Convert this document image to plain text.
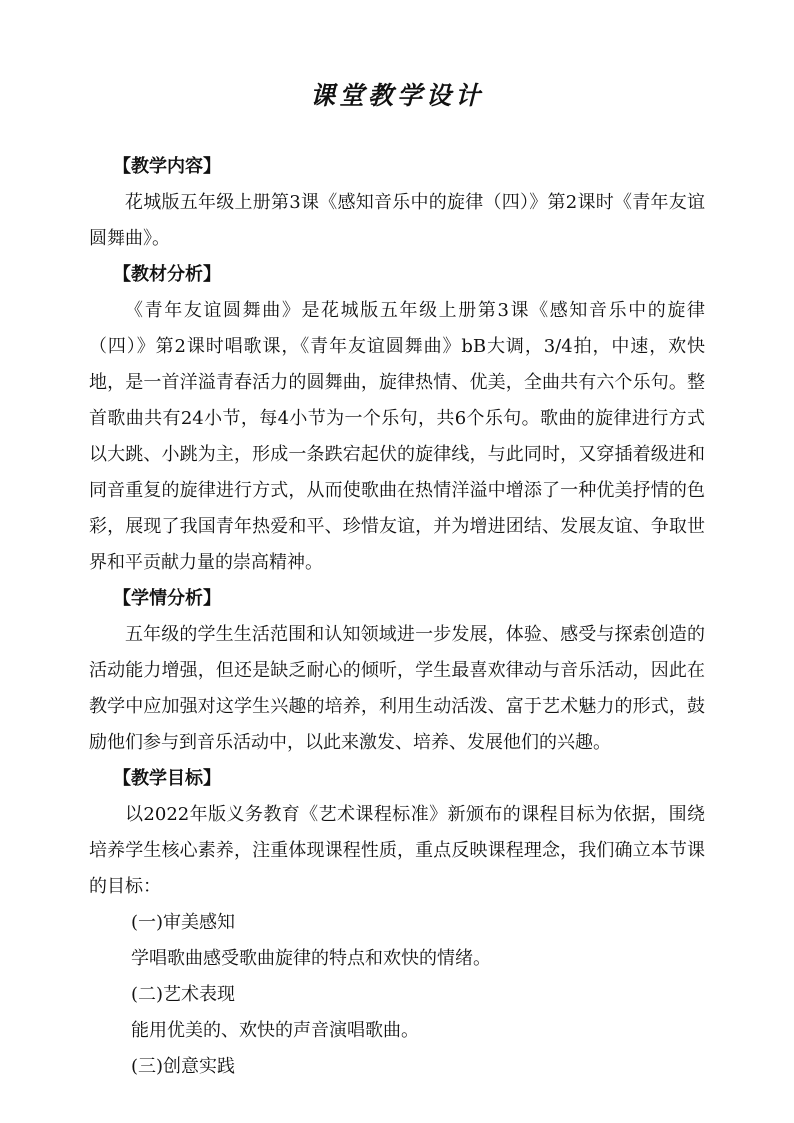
课堂教学设计

【教学内容】

花城版五年级上册第3课《感知音乐中的旋律（四）》第2课时《青年友谊圆舞曲》。

【教材分析】

《青年友谊圆舞曲》是花城版五年级上册第3课《感知音乐中的旋律（四）》第2课时唱歌课，《青年友谊圆舞曲》bB大调，3/4拍，中速，欢快地，是一首洋溢青春活力的圆舞曲，旋律热情、优美，全曲共有六个乐句。整首歌曲共有24小节，每4小节为一个乐句，共6个乐句。歌曲的旋律进行方式以大跳、小跳为主，形成一条跌宕起伏的旋律线，与此同时，又穿插着级进和同音重复的旋律进行方式，从而使歌曲在热情洋溢中增添了一种优美抒情的色彩，展现了我国青年热爱和平、珍惜友谊，并为增进团结、发展友谊、争取世界和平贡献力量的崇高精神。

【学情分析】

五年级的学生生活范围和认知领域进一步发展，体验、感受与探索创造的活动能力增强，但还是缺乏耐心的倾听，学生最喜欢律动与音乐活动，因此在教学中应加强对这学生兴趣的培养，利用生动活泼、富于艺术魅力的形式，鼓励他们参与到音乐活动中，以此来激发、培养、发展他们的兴趣。

【教学目标】

以2022年版义务教育《艺术课程标准》新颁布的课程目标为依据，围绕培养学生核心素养，注重体现课程性质，重点反映课程理念，我们确立本节课的目标：

(一)审美感知

学唱歌曲感受歌曲旋律的特点和欢快的情绪。

(二)艺术表现

能用优美的、欢快的声音演唱歌曲。

(三)创意实践
